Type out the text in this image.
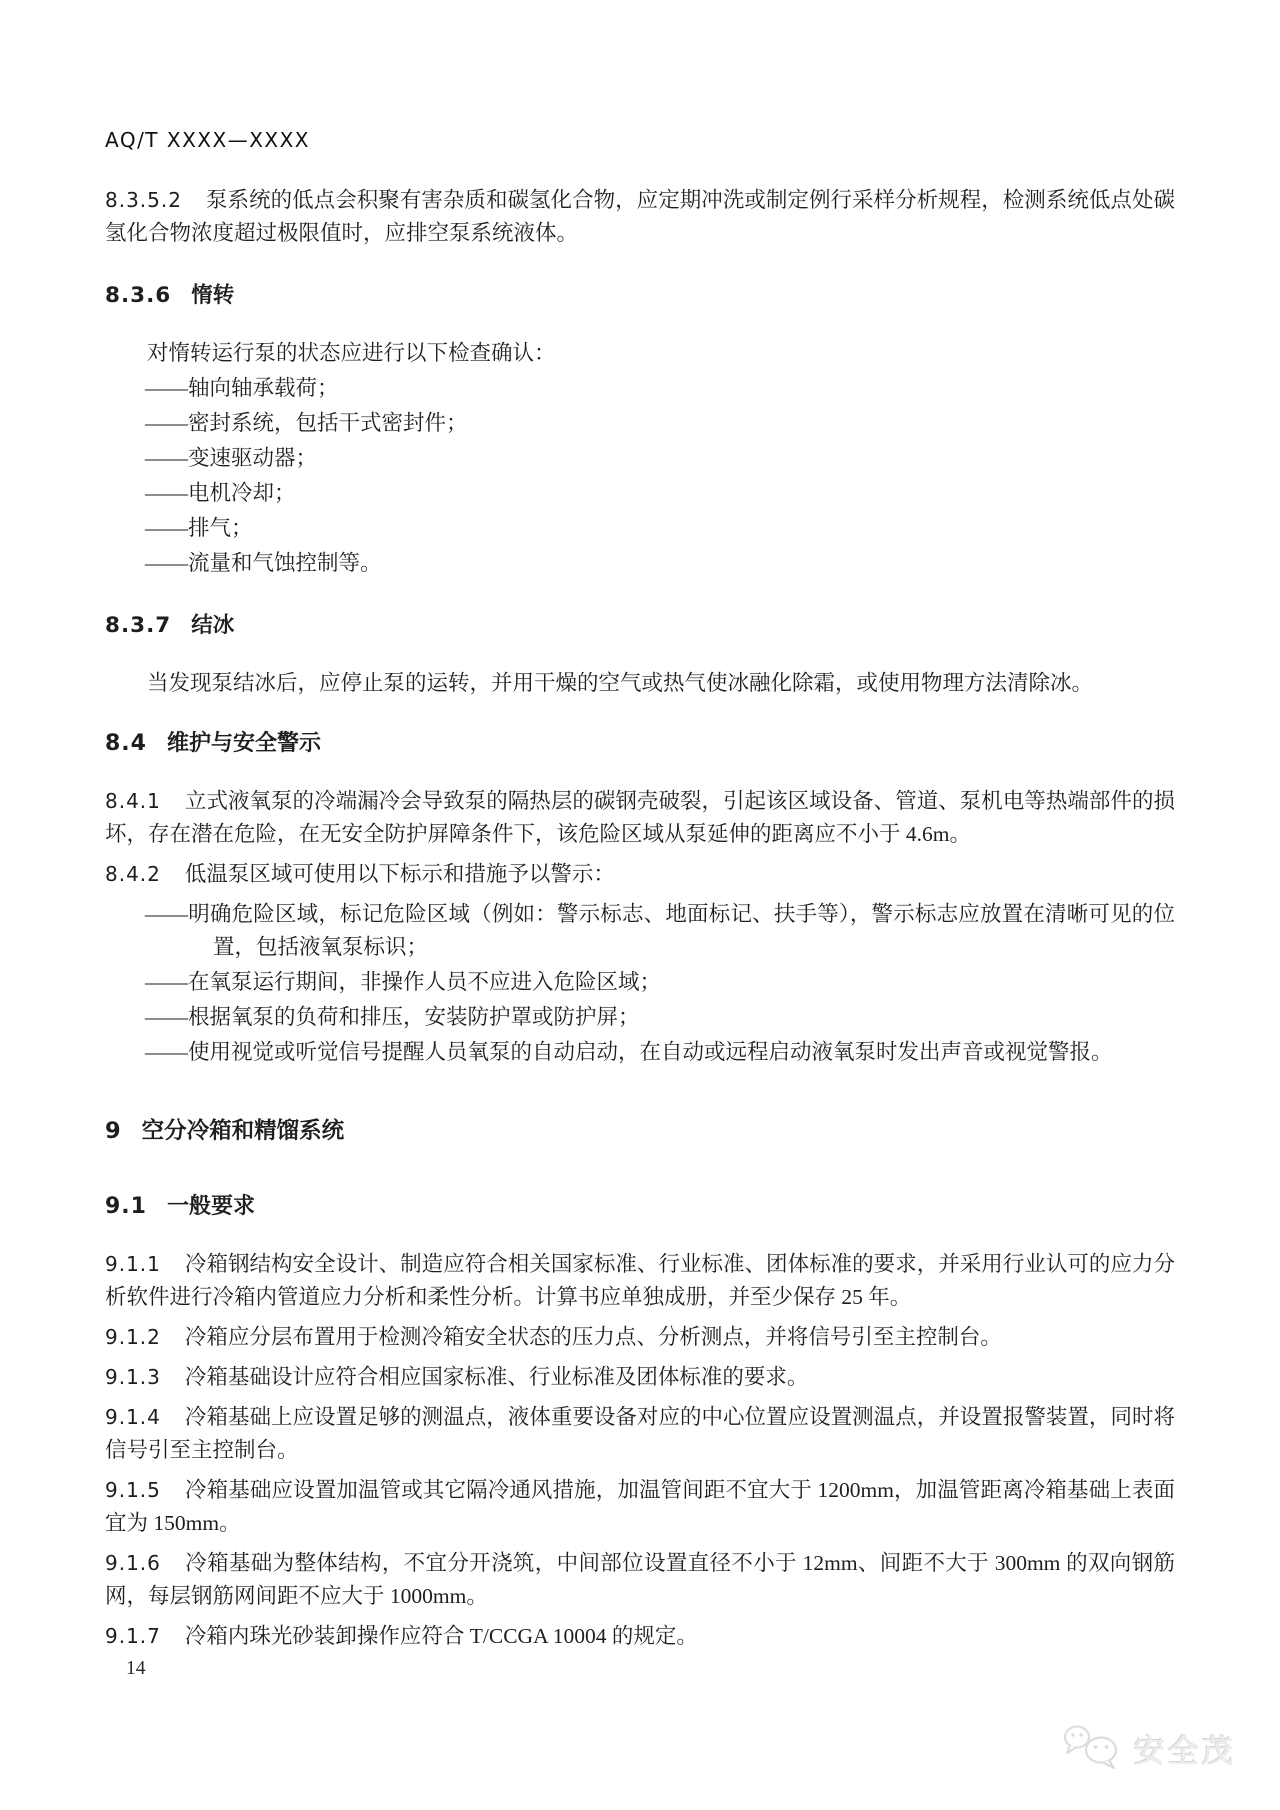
AQ/T XXXX—XXXX

8.3.5.2 泵系统的低点会积聚有害杂质和碳氢化合物，应定期冲洗或制定例行采样分析规程，检测系统低点处碳氢化合物浓度超过极限值时，应排空泵系统液体。

8.3.6 惰转

对惰转运行泵的状态应进行以下检查确认：

——轴向轴承载荷；

——密封系统，包括干式密封件；

——变速驱动器；

——电机冷却；

——排气；

——流量和气蚀控制等。

8.3.7 结冰

当发现泵结冰后，应停止泵的运转，并用干燥的空气或热气使冰融化除霜，或使用物理方法清除冰。

8.4 维护与安全警示

8.4.1 立式液氧泵的冷端漏冷会导致泵的隔热层的碳钢壳破裂，引起该区域设备、管道、泵机电等热端部件的损坏，存在潜在危险，在无安全防护屏障条件下，该危险区域从泵延伸的距离应不小于 4.6m。

8.4.2 低温泵区域可使用以下标示和措施予以警示：

——明确危险区域，标记危险区域（例如：警示标志、地面标记、扶手等），警示标志应放置在清晰可见的位置，包括液氧泵标识；

——在氧泵运行期间，非操作人员不应进入危险区域；

——根据氧泵的负荷和排压，安装防护罩或防护屏；

——使用视觉或听觉信号提醒人员氧泵的自动启动，在自动或远程启动液氧泵时发出声音或视觉警报。

9 空分冷箱和精馏系统

9.1 一般要求

9.1.1 冷箱钢结构安全设计、制造应符合相关国家标准、行业标准、团体标准的要求，并采用行业认可的应力分析软件进行冷箱内管道应力分析和柔性分析。计算书应单独成册，并至少保存 25 年。

9.1.2 冷箱应分层布置用于检测冷箱安全状态的压力点、分析测点，并将信号引至主控制台。

9.1.3 冷箱基础设计应符合相应国家标准、行业标准及团体标准的要求。

9.1.4 冷箱基础上应设置足够的测温点，液体重要设备对应的中心位置应设置测温点，并设置报警装置，同时将信号引至主控制台。

9.1.5 冷箱基础应设置加温管或其它隔冷通风措施，加温管间距不宜大于 1200mm，加温管距离冷箱基础上表面宜为 150mm。

9.1.6 冷箱基础为整体结构，不宜分开浇筑，中间部位设置直径不小于 12mm、间距不大于 300mm 的双向钢筋网，每层钢筋网间距不应大于 1000mm。

9.1.7 冷箱内珠光砂装卸操作应符合 T/CCGA 10004 的规定。

14
安全茂
